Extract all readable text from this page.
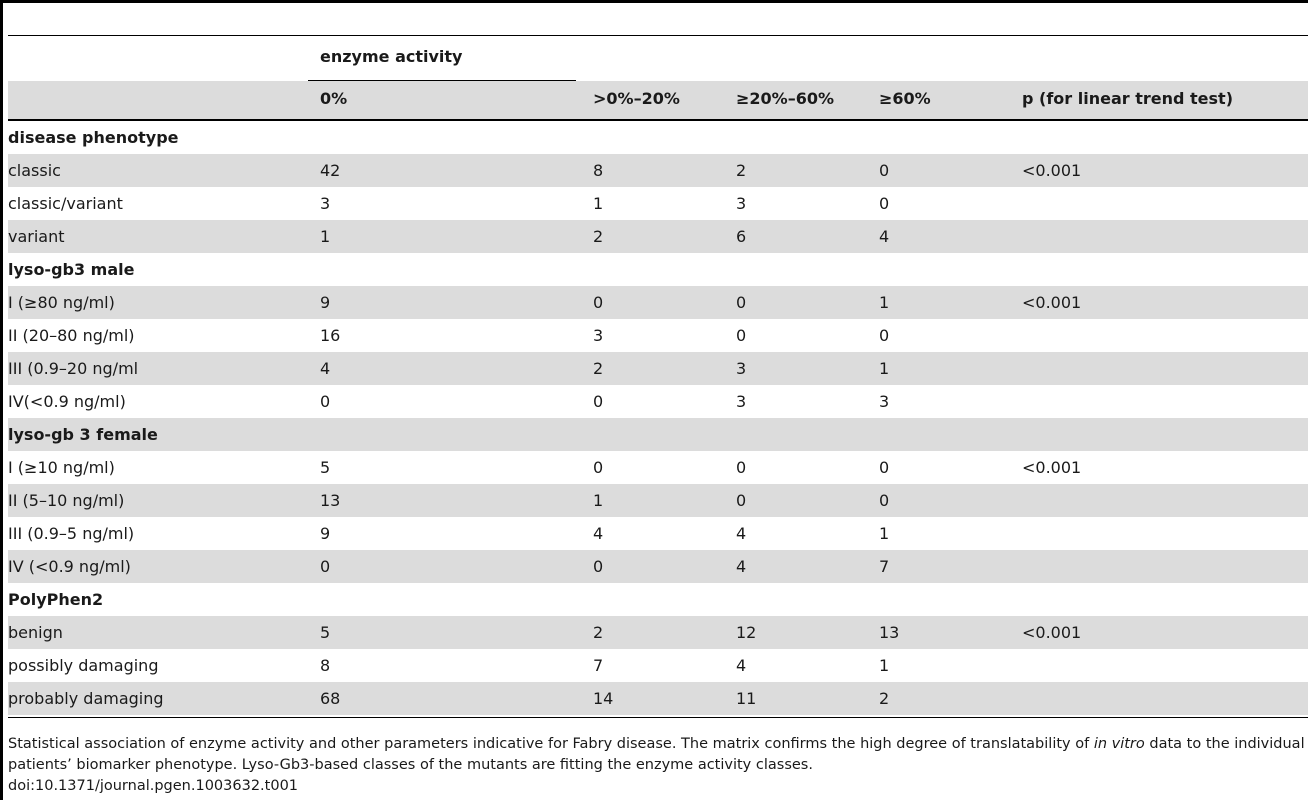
enzyme activity
0%	>0%–20%	≥20%–60%	≥60%	p (for linear trend test)
disease phenotype
classic	42	8	2	0	<0.001
classic/variant	3	1	3	0
variant	1	2	6	4
lyso-gb3 male
I (≥80 ng/ml)	9	0	0	1	<0.001
II (20–80 ng/ml)	16	3	0	0
III (0.9–20 ng/ml	4	2	3	1
IV(<0.9 ng/ml)	0	0	3	3
lyso-gb 3 female
I (≥10 ng/ml)	5	0	0	0	<0.001
II (5–10 ng/ml)	13	1	0	0
III (0.9–5 ng/ml)	9	4	4	1
IV (<0.9 ng/ml)	0	0	4	7
PolyPhen2
benign	5	2	12	13	<0.001
possibly damaging	8	7	4	1
probably damaging	68	14	11	2

Statistical association of enzyme activity and other parameters indicative for Fabry disease. The matrix confirms the high degree of translatability of in vitro data to the individual patients’ biomarker phenotype. Lyso-Gb3-based classes of the mutants are fitting the enzyme activity classes.

doi:10.1371/journal.pgen.1003632.t001
